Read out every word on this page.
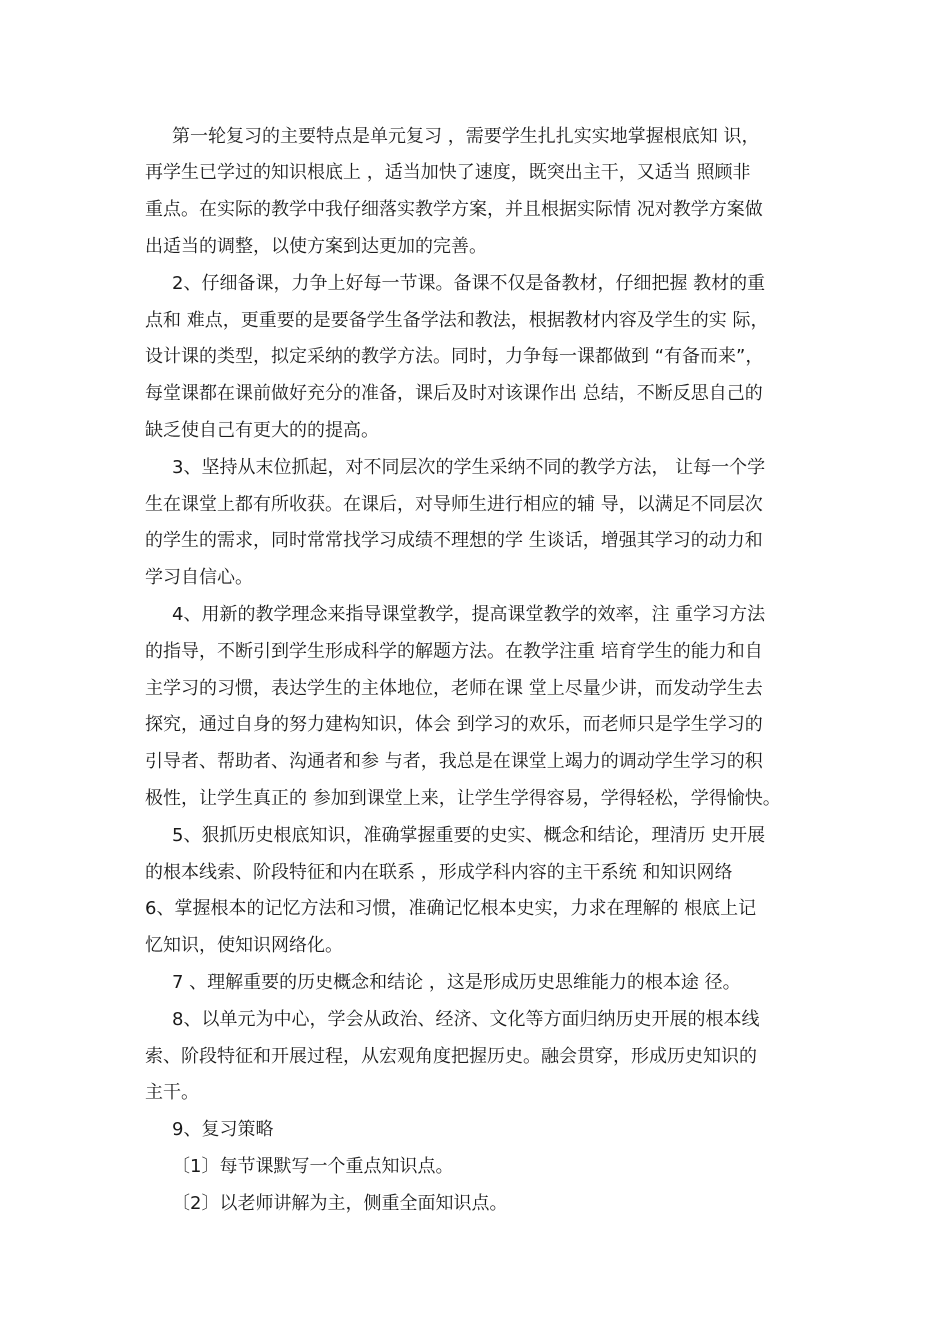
第一轮复习的主要特点是单元复习 ，需要学生扎扎实实地掌握根底知 识，
再学生已学过的知识根底上 ，适当加快了速度，既突出主干，又适当 照顾非
重点。在实际的教学中我仔细落实教学方案，并且根据实际情 况对教学方案做
出适当的调整，以使方案到达更加的完善。
2、仔细备课，力争上好每一节课。备课不仅是备教材，仔细把握 教材的重
点和 难点，更重要的是要备学生备学法和教法，根据教材内容及学生的实 际，
设计课的类型，拟定采纳的教学方法。同时，力争每一课都做到 “有备而来”，
每堂课都在课前做好充分的准备，课后及时对该课作出 总结，不断反思自己的
缺乏使自己有更大的的提高。
3、坚持从末位抓起，对不同层次的学生采纳不同的教学方法， 让每一个学
生在课堂上都有所收获。在课后，对导师生进行相应的辅 导，以满足不同层次
的学生的需求，同时常常找学习成绩不理想的学 生谈话，增强其学习的动力和
学习自信心。
4、用新的教学理念来指导课堂教学，提高课堂教学的效率，注 重学习方法
的指导，不断引到学生形成科学的解题方法。在教学注重 培育学生的能力和自
主学习的习惯，表达学生的主体地位，老师在课 堂上尽量少讲，而发动学生去
探究，通过自身的努力建构知识，体会 到学习的欢乐，而老师只是学生学习的
引导者、帮助者、沟通者和参 与者，我总是在课堂上竭力的调动学生学习的积
极性，让学生真正的 参加到课堂上来，让学生学得容易，学得轻松，学得愉快。
5、狠抓历史根底知识，准确掌握重要的史实、概念和结论，理清历 史开展
的根本线索、阶段特征和内在联系 ，形成学科内容的主干系统 和知识网络
6、掌握根本的记忆方法和习惯，准确记忆根本史实，力求在理解的 根底上记
忆知识，使知识网络化。
7 、理解重要的历史概念和结论 ，这是形成历史思维能力的根本途 径。
8、以单元为中心，学会从政治、经济、文化等方面归纳历史开展的根本线
索、阶段特征和开展过程，从宏观角度把握历史。融会贯穿，形成历史知识的
主干。
9、复习策略
〔1〕每节课默写一个重点知识点。
〔2〕以老师讲解为主，侧重全面知识点。
